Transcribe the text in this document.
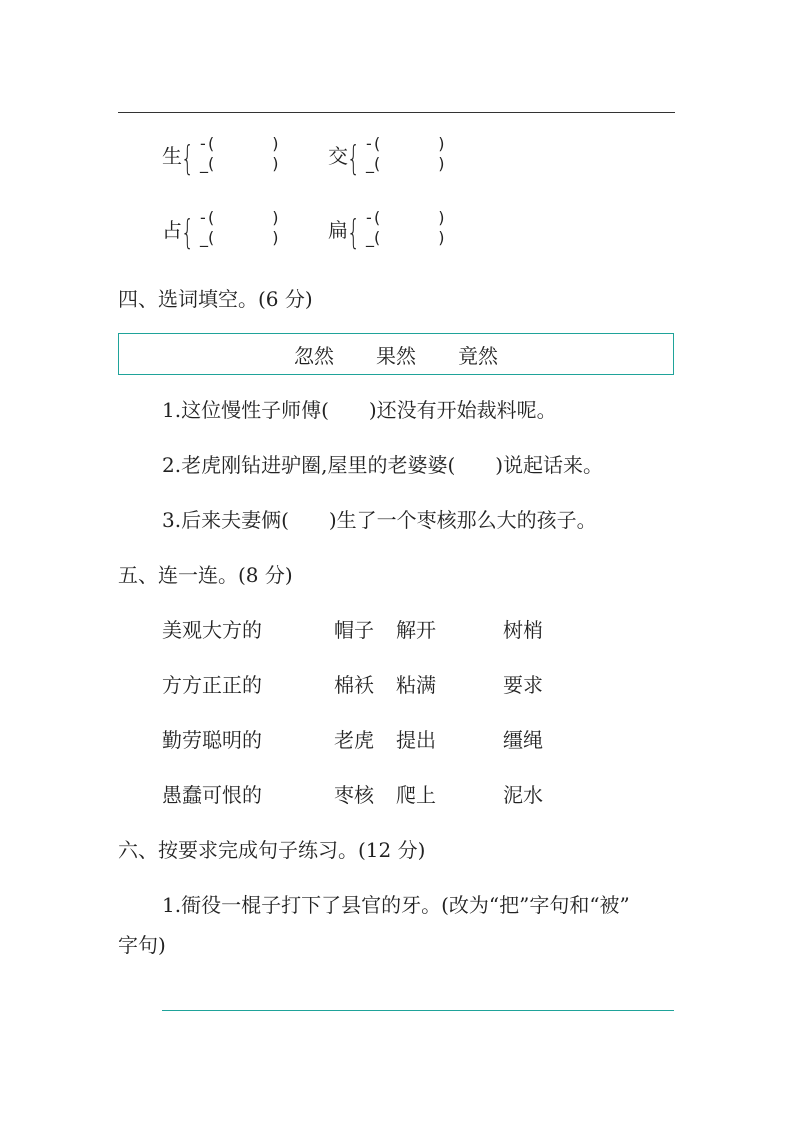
生 { - (	)
_(	) 交 { - (	)
_(	)
占 { - (	)
_(	) 扁 { - (	)
_(	)
四、选词填空。(6 分)
忽然 果然 竟然
1.这位慢性子师傅(　　)还没有开始裁料呢。
2.老虎刚钻进驴圈,屋里的老婆婆(　　)说起话来。
3.后来夫妻俩(　　)生了一个枣核那么大的孩子。
五、连一连。(8 分)
美观大方的	帽子 解开	树梢
方方正正的	棉袄 粘满	要求
勤劳聪明的	老虎 提出	缰绳
愚蠢可恨的	枣核 爬上	泥水
六、按要求完成句子练习。(12 分)
1.衙役一棍子打下了县官的牙。(改为“把”字句和“被”
字句)
